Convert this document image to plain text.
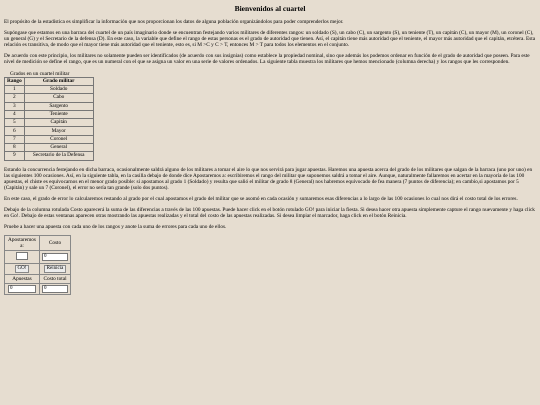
Bienvenidos al cuartel

El propósito de la estadística es simplificar la información que nos proporcionan los datos de alguna población organizándolos para poder comprenderlos mejor.

Supóngase que estamos en una barraca del cuartel de un país imaginario donde se encuentran festejando varios militares de diferentes rangos: un soldado (S), un cabo (C), un sargento (S), un teniente (T), un capitán (C), un mayor (M), un coronel (C), un general (G) y el Secretario de la defensa (D). En este caso, la variable que define el rango de estas personas es el grado de autoridad que tienen. Así, el capitán tiene más autoridad que el teniente, el mayor más autoridad que el capitán, etcétera. Esta relación es transitiva, de modo que el mayor tiene más autoridad que el teniente, esto es, si M >C y C > T, entonces M > T para todos los elementos en el conjunto.

De acuerdo con este principio, los militares no solamente pueden ser identificados (de acuerdo con sus insignias) como establece la propiedad nominal, sino que además los podemos ordenar en función de el grado de autoridad que poseen. Para este nivel de medición se define el rango, que es un numeral con el que se asigna un valor en una serie de valores ordenados. La siguiente tabla muestra los militares que hemos mencionado (columna derecha) y los rangos que les corresponden.

Grados en un cuartel militar
Rango	Grado militar
1	Soldado
2	Cabo
3	Sargento
4	Teniente
5	Capitán
6	Mayor
7	Coronel
8	General
9	Secretario de la Defensa

Estando la concurrencia festejando en dicha barraca, ocasionalmente saldrá alguno de los militares a tomar el aire lo que nos servirá para jugar apuestas. Haremos una apuesta acerca del grado de los militares que salgan de la barraca (uno por uno) en las siguientes 100 ocasiones. Así, en la siguiente tabla, en la casilla debajo de donde dice Apostaremos a: escribiremos el rango del militar que suponemos saldrá a tomar el aire. Aunque, naturalmente fallaremos en acertar en la mayoría de las 100 apuestas, el chiste es equivocarnos en el menor grado posible: si apostamos al grado 1 (Soldado) y resulta que salió el militar de grado 8 (General) nos habremos equivocado de fea manera (7 puntos de diferencia); en cambio,si apostamos por 5 (Capitán) y sale un 7 (Coronel), el error no sería tan grande (solo dos puntos).

En este caso, el grado de error lo calcularemos restando al grado por el cual apostamos el grado del militar que se asomó en cada ocasión y sumaremos esas diferencias a lo largo de las 100 ocasiones lo cual nos dirá el costo total de los errores.

Debajo de la columna rotulada Costo aparecerá la suma de las diferencias a través de las 100 apuestas. Puede hacer click en el botón rotulado GO! para iniciar la fiesta. Si desea hacer otra apuesta simplemente capture el rango nuevamente y haga click en Go!. Debajo de estas ventanas aparecen otras mostrando las apuestas realizadas y el total del costo de las apuestas realizadas. Si desea limpiar el marcador, haga click en el botón Reinicia.

Pruebe a hacer una apuesta con cada uno de los rangos y anote la suma de errores para cada uno de ellos.

Apostaremos a:	Costo
	0
GO!	Reinicia
Apuestas	Costo total
0	0
